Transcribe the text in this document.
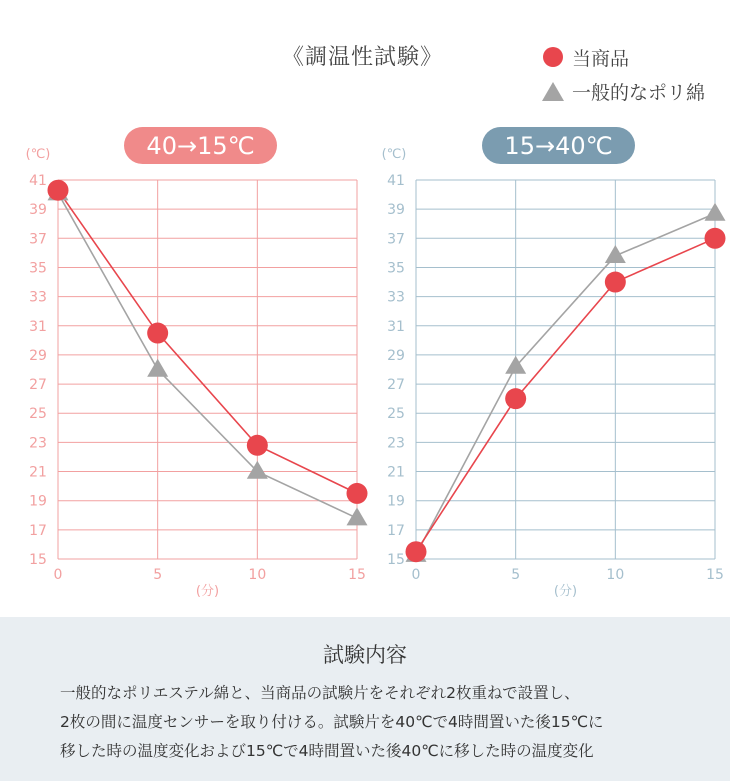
《調温性試験》	当商品
一般的なポリ綿
40→15℃
41
39
37
35
33
31
29
27
25
23
21
19
17
15
0	5	10	15
(℃)
(分)
15→40℃
41
39
37
35
33
31
29
27
25
23
21
19
17
15
0	5	10	15
(℃)
(分)
試験内容
一般的なポリエステル綿と、当商品の試験片をそれぞれ2枚重ねで設置し、
2枚の間に温度センサーを取り付ける。試験片を40℃で4時間置いた後15℃に
移した時の温度変化および15℃で4時間置いた後40℃に移した時の温度変化
